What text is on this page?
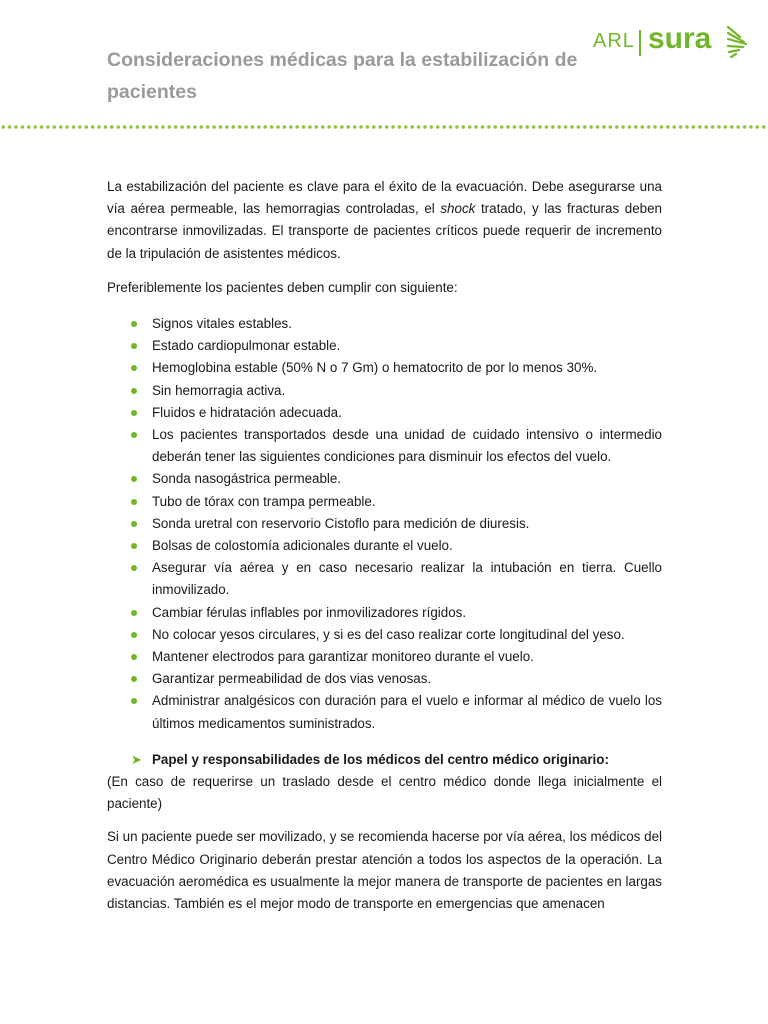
Consideraciones médicas para la estabilización de pacientes
ARL sura

La estabilización del paciente es clave para el éxito de la evacuación. Debe asegurarse una vía aérea permeable, las hemorragias controladas, el shock tratado, y las fracturas deben encontrarse inmovilizadas. El transporte de pacientes críticos puede requerir de incremento de la tripulación de asistentes médicos.

Preferiblemente los pacientes deben cumplir con siguiente:

Signos vitales estables.
Estado cardiopulmonar estable.
Hemoglobina estable (50% N o 7 Gm) o hematocrito de por lo menos 30%.
Sin hemorragia activa.
Fluidos e hidratación adecuada.
Los pacientes transportados desde una unidad de cuidado intensivo o intermedio deberán tener las siguientes condiciones para disminuir los efectos del vuelo.
Sonda nasogástrica permeable.
Tubo de tórax con trampa permeable.
Sonda uretral con reservorio Cistoflo para medición de diuresis.
Bolsas de colostomía adicionales durante el vuelo.
Asegurar vía aérea y en caso necesario realizar la intubación en tierra. Cuello inmovilizado.
Cambiar férulas inflables por inmovilizadores rígidos.
No colocar yesos circulares, y si es del caso realizar corte longitudinal del yeso.
Mantener electrodos para garantizar monitoreo durante el vuelo.
Garantizar permeabilidad de dos vias venosas.
Administrar analgésicos con duración para el vuelo e informar al médico de vuelo los últimos medicamentos suministrados.
➤ Papel y responsabilidades de los médicos del centro médico originario:

(En caso de requerirse un traslado desde el centro médico donde llega inicialmente el paciente)

Si un paciente puede ser movilizado, y se recomienda hacerse por vía aérea, los médicos del Centro Médico Originario deberán prestar atención a todos los aspectos de la operación. La evacuación aeromédica es usualmente la mejor manera de transporte de pacientes en largas distancias. También es el mejor modo de transporte en emergencias que amenacen
